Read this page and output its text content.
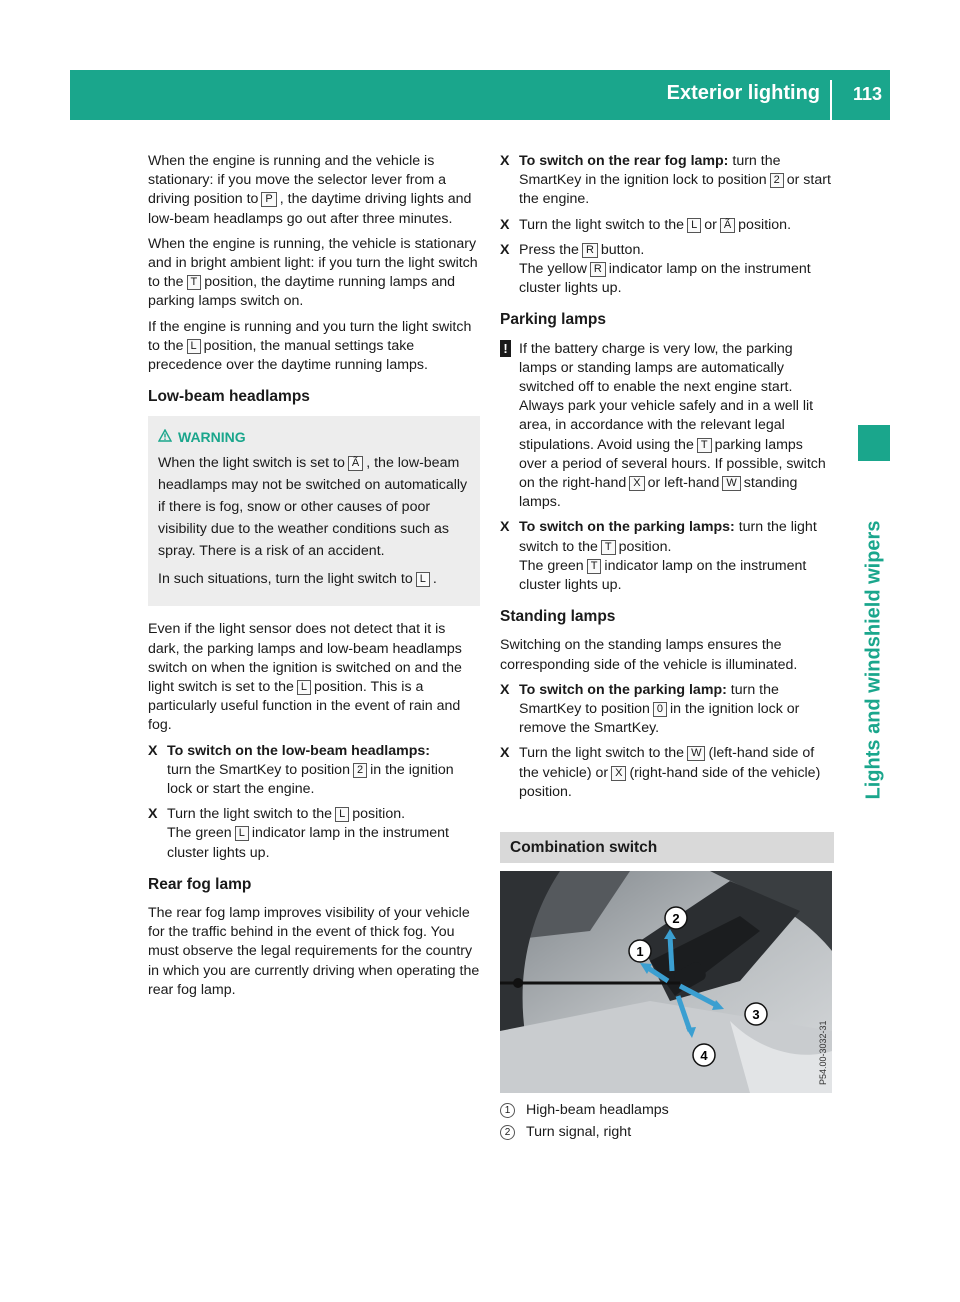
Exterior lighting 113
Lights and windshield wipers

When the engine is running and the vehicle is stationary: if you move the selector lever from a driving position to P , the daytime driving lights and low-beam headlamps go out after three minutes.

When the engine is running, the vehicle is stationary and in bright ambient light: if you turn the light switch to the T position, the daytime running lamps and parking lamps switch on.

If the engine is running and you turn the light switch to the L position, the manual settings take precedence over the daytime running lamps.

Low-beam headlamps
WARNING

When the light switch is set to Ã , the low-beam headlamps may not be switched on automatically if there is fog, snow or other causes of poor visibility due to the weather conditions such as spray. There is a risk of an accident.

In such situations, turn the light switch to L .

Even if the light sensor does not detect that it is dark, the parking lamps and low-beam headlamps switch on when the ignition is switched on and the light switch is set to the L position. This is a particularly useful function in the event of rain and fog.

X To switch on the low-beam headlamps:
turn the SmartKey to position 2 in the ignition lock or start the engine.
X Turn the light switch to the L position.
The green L indicator lamp in the instrument cluster lights up.
Rear fog lamp

The rear fog lamp improves visibility of your vehicle for the traffic behind in the event of thick fog. You must observe the legal requirements for the country in which you are currently driving when operating the rear fog lamp.

X To switch on the rear fog lamp: turn the SmartKey in the ignition lock to position 2 or start the engine.
X Turn the light switch to the L or Ã position.
X Press the R button.
The yellow R indicator lamp on the instrument cluster lights up.
Parking lamps
! If the battery charge is very low, the parking lamps or standing lamps are automatically switched off to enable the next engine start. Always park your vehicle safely and in a well lit area, in accordance with the relevant legal stipulations. Avoid using the T parking lamps over a period of several hours. If possible, switch on the right-hand X or left-hand W standing lamps.
X To switch on the parking lamps: turn the light switch to the T position.
The green T indicator lamp on the instrument cluster lights up.
Standing lamps

Switching on the standing lamps ensures the corresponding side of the vehicle is illuminated.

X To switch on the parking lamp: turn the SmartKey to position 0 in the ignition lock or remove the SmartKey.
X Turn the light switch to the W (left-hand side of the vehicle) or X (right-hand side of the vehicle) position.
Combination switch
1
2
3
4	P54.00-3032-31
1	High-beam headlamps
2	Turn signal, right
